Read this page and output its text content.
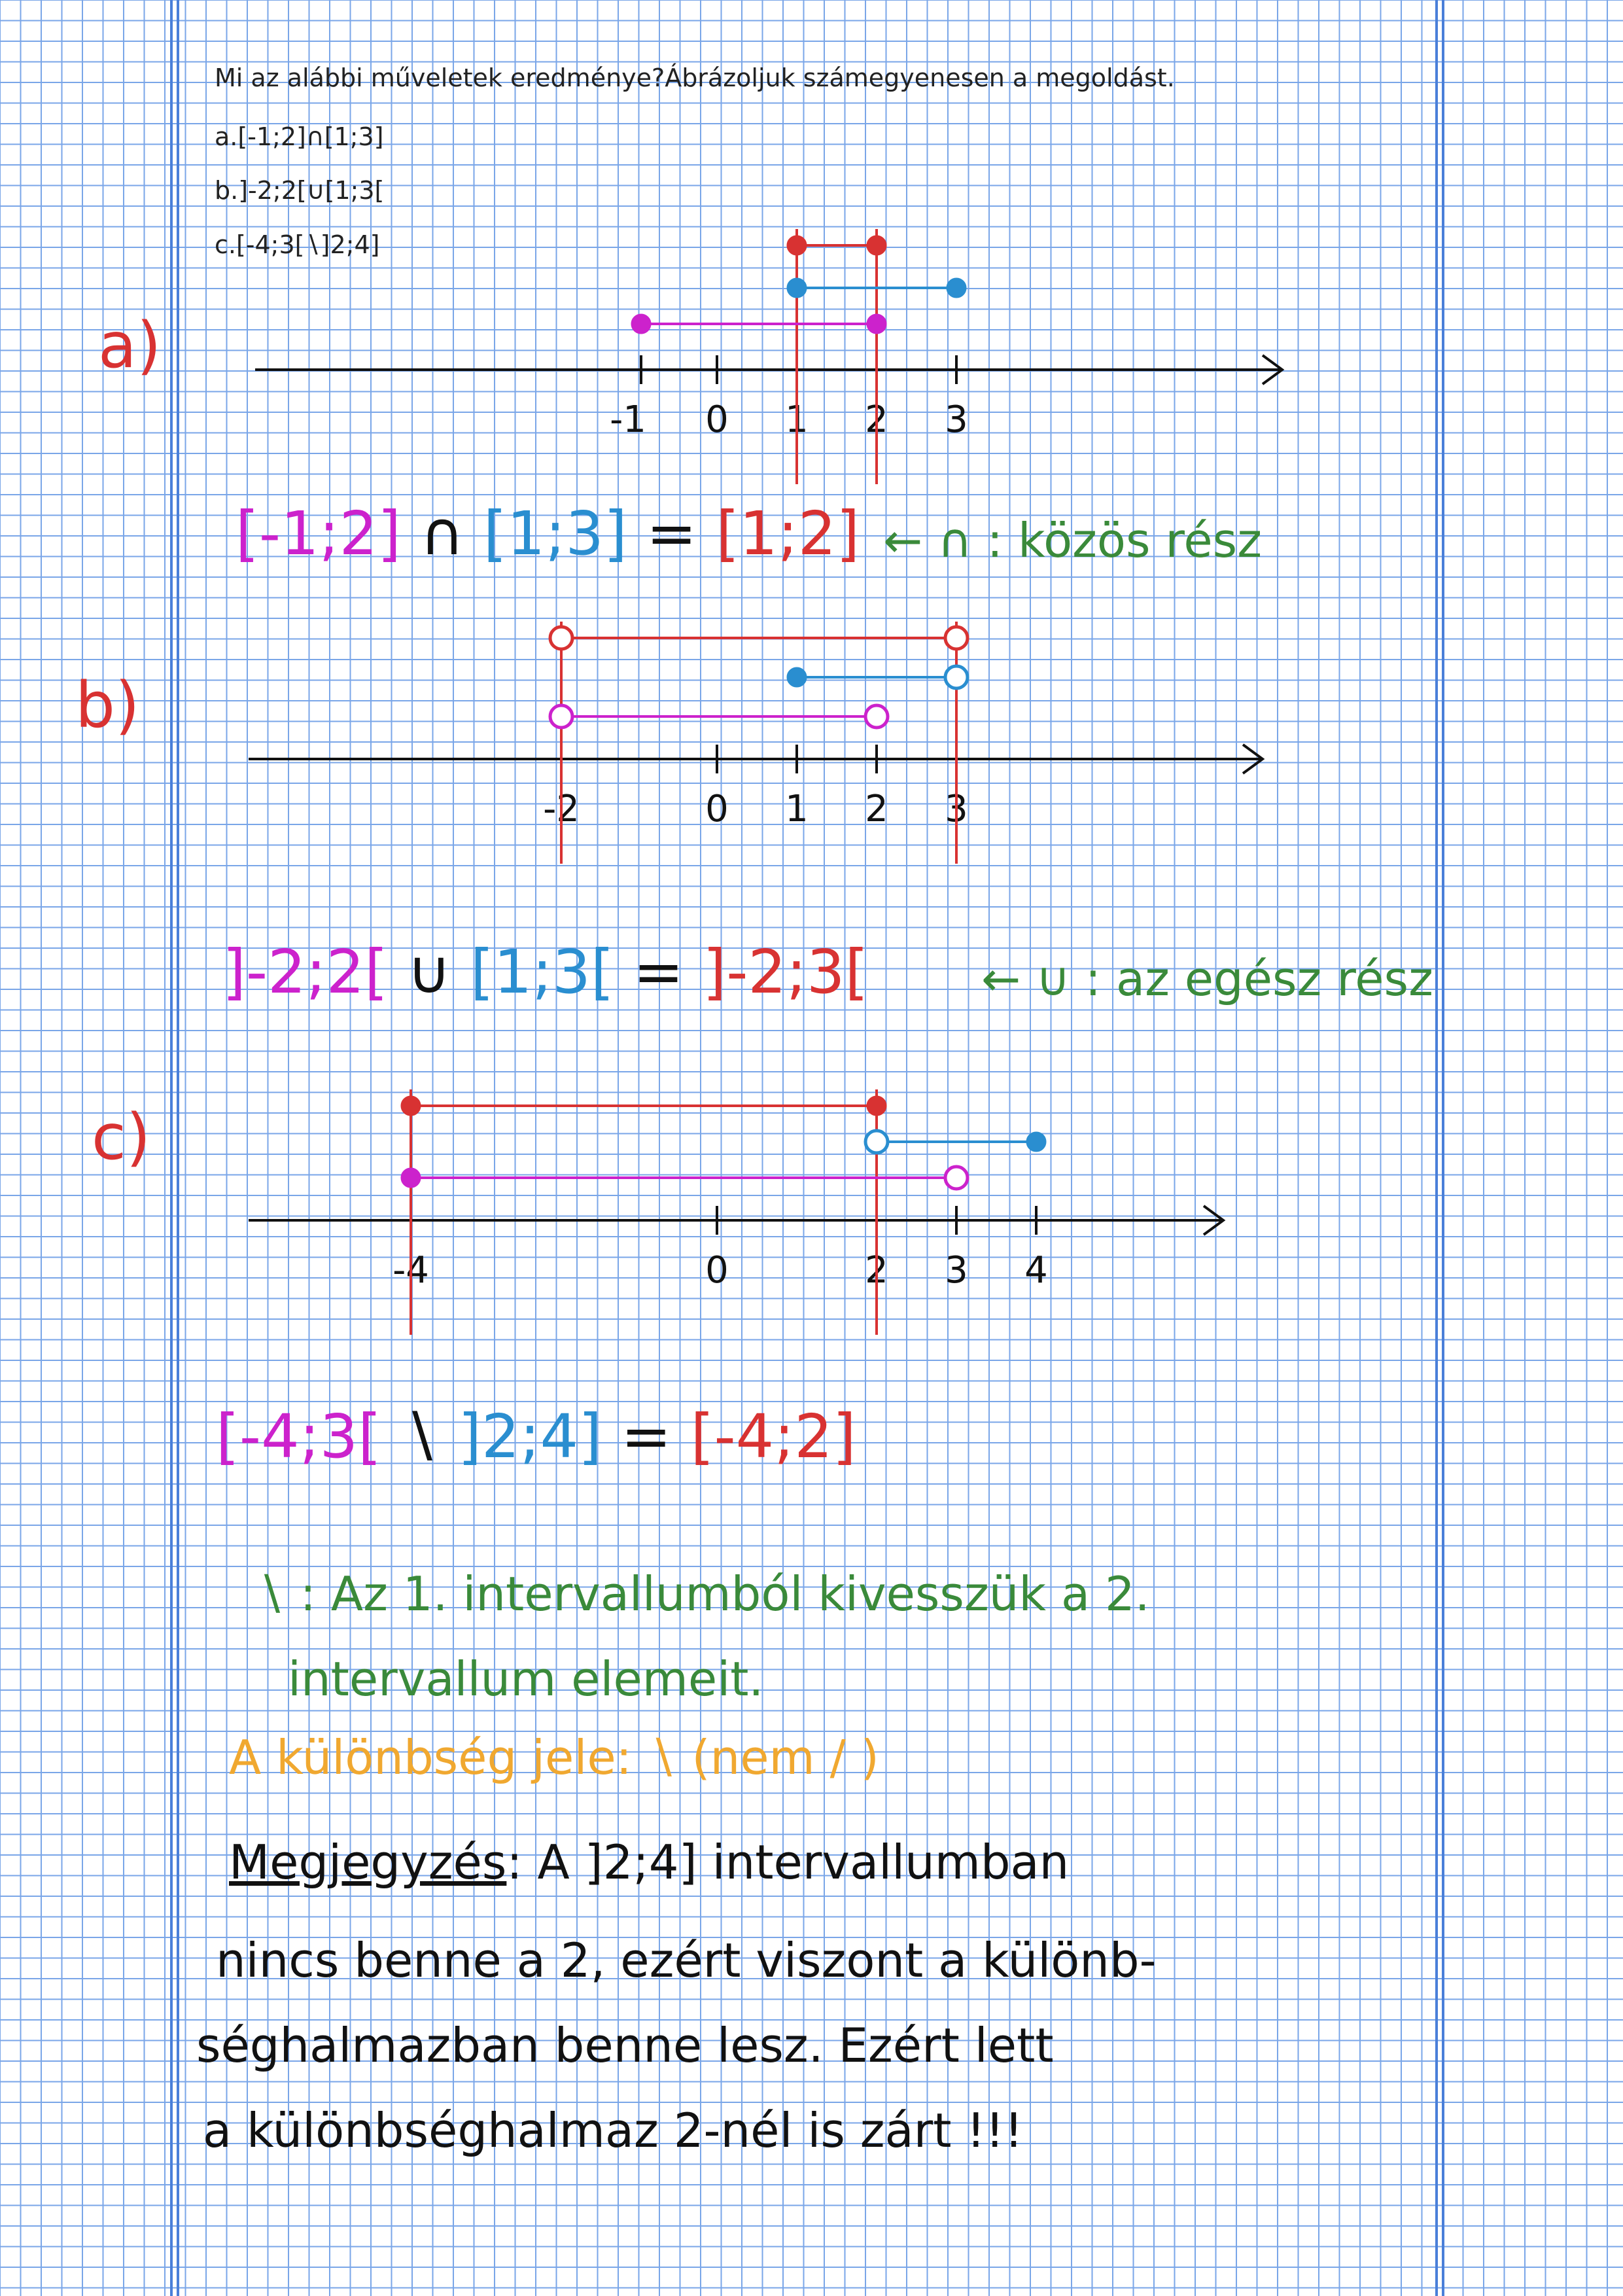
Mi az alábbi műveletek eredménye?Ábrázoljuk számegyenesen a megoldást.
a.[-1;2]∩[1;3]
b.]-2;2[∪[1;3[
c.[-4;3[∖]2;4]
a)
b)
c)
-1 0 1 2 3
-2	0 1 2 3
-4	0	2 3 4
[-1;2] ∩ [1;3] = [1;2] ← ∩ : közös rész
]-2;2[ ∪ [1;3[ = ]-2;3[ ← ∪ : az egész rész
[-4;3[ ∖ ]2;4] = [-4;2]
∖ : Az 1. intervallumból kivesszük a 2.
intervallum elemeit.
A különbség jele: ∖ (nem / )
Megjegyzés: A ]2;4] intervallumban
nincs benne a 2, ezért viszont a különb-
séghalmazban benne lesz. Ezért lett
a különbséghalmaz 2-nél is zárt !!!
